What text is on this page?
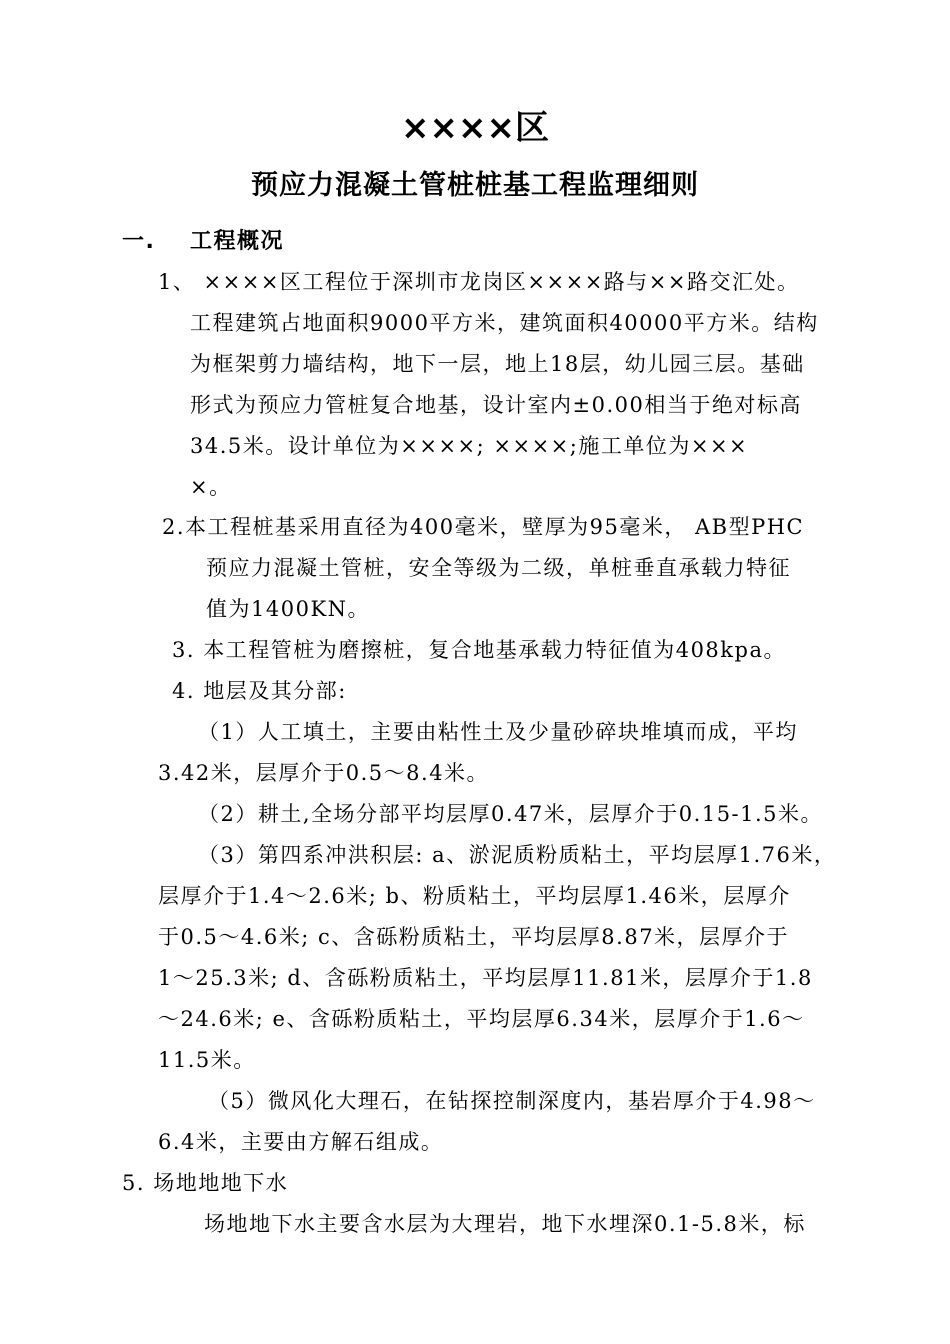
××××区
预应力混凝土管桩桩基工程监理细则
一. 工程概况
1、 ××××区工程位于深圳市龙岗区××××路与××路交汇处。
工程建筑占地面积9000平方米，建筑面积40000平方米。结构
为框架剪力墙结构，地下一层，地上18层，幼儿园三层。基础
形式为预应力管桩复合地基，设计室内±0.00相当于绝对标高
34.5米。设计单位为××××; ××××;施工单位为×××
×。
2.本工程桩基采用直径为400毫米，壁厚为95毫米， AB型PHC
预应力混凝土管桩，安全等级为二级，单桩垂直承载力特征
值为1400KN。
3. 本工程管桩为磨擦桩，复合地基承载力特征值为408kpa。
4. 地层及其分部:
（1）人工填土，主要由粘性土及少量砂碎块堆填而成，平均
3.42米，层厚介于0.5～8.4米。
（2）耕土,全场分部平均层厚0.47米，层厚介于0.15-1.5米。
（3）第四系冲洪积层: a、淤泥质粉质粘土，平均层厚1.76米，
层厚介于1.4～2.6米; b、粉质粘土，平均层厚1.46米，层厚介
于0.5～4.6米; c、含砾粉质粘土，平均层厚8.87米，层厚介于
1～25.3米; d、含砾粉质粘土，平均层厚11.81米，层厚介于1.8
～24.6米; e、含砾粉质粘土，平均层厚6.34米，层厚介于1.6～
11.5米。
（5）微风化大理石，在钻探控制深度内，基岩厚介于4.98～
6.4米，主要由方解石组成。
5. 场地地地下水
场地地下水主要含水层为大理岩，地下水埋深0.1-5.8米，标
